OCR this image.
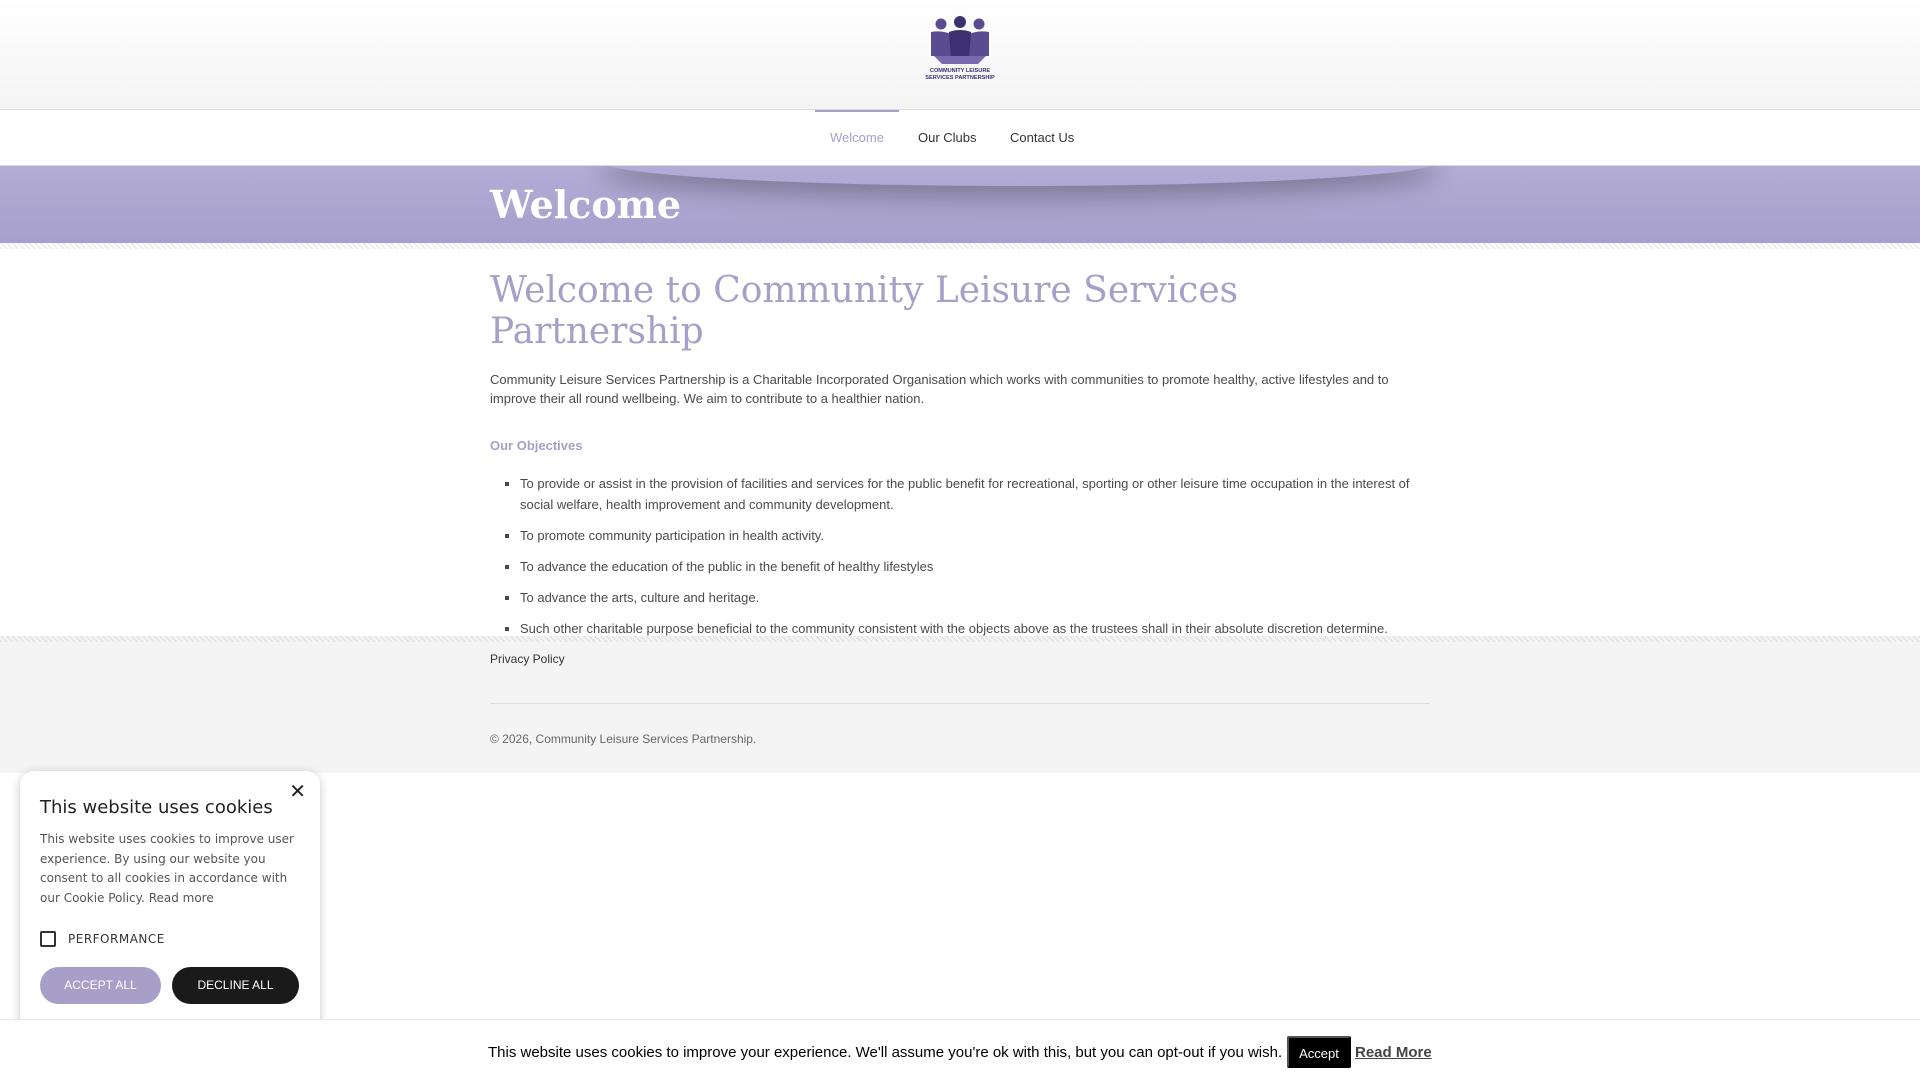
COMMUNITY LEISURE
SERVICES PARTNERSHIP
Welcome	Our Clubs	Contact Us
Welcome
Welcome to Community Leisure Services Partnership

Community Leisure Services Partnership is a Charitable Incorporated Organisation which works with communities to promote healthy, active lifestyles and to improve their all round wellbeing. We aim to contribute to a healthier nation.

Our Objectives
▪ To provide or assist in the provision of facilities and services for the public benefit for recreational, sporting or other leisure time occupation in the interest of social welfare, health improvement and community development.
▪ To promote community participation in health activity.
▪ To advance the education of the public in the benefit of healthy lifestyles
▪ To advance the arts, culture and heritage.
▪ Such other charitable purpose beneficial to the community consistent with the objects above as the trustees shall in their absolute discretion determine.
Privacy Policy
© 2026, Community Leisure Services Partnership.
✕
This website uses cookies
This website uses cookies to improve user experience. By using our website you consent to all cookies in accordance with our Cookie Policy. Read more
PERFORMANCE
ACCEPT ALL	DECLINE ALL
This website uses cookies to improve your experience. We'll assume you're ok with this, but you can opt-out if you wish.	Accept	Read More
